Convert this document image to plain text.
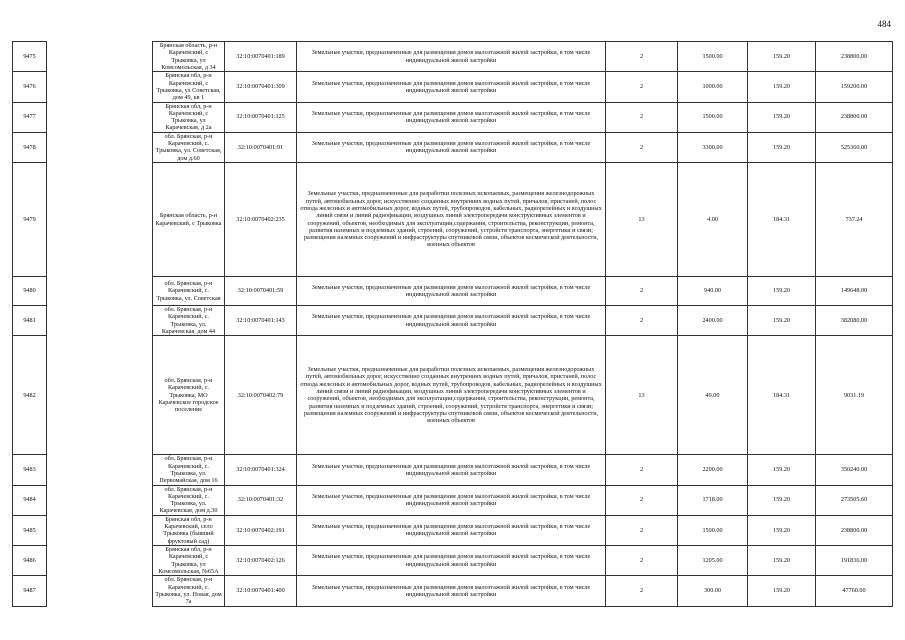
484
9475		Брянская область, р-н Карачевский, с Трыковка, ул Комсомольская, д 34	32:10:0070401:189	Земельные участки, предназначенные для размещения домов малоэтажной жилой застройки, в том числе индивидуальной жилой застройки	2	1500.00	159.20	238800.00
9476		Брянская обл, р-н Карачевский, с Трыковка, ул Советская, дом 49, кв 1	32:10:0070401:309	Земельные участки, предназначенные для размещения домов малоэтажной жилой застройки, в том числе индивидуальной жилой застройки	2	1000.00	159.20	159200.00
9477		Брянская обл, р-н Карачевский, с Трыковка, ул Карачевская, д 2а	32:10:0070401:125	Земельные участки, предназначенные для размещения домов малоэтажной жилой застройки, в том числе индивидуальной жилой застройки	2	1500.00	159.20	238800.00
9478		обл. Брянская, р-н Карачевский, с. Трыковка, ул. Советская, дом д.60	32:10:0070401:91	Земельные участки, предназначенные для размещения домов малоэтажной жилой застройки, в том числе индивидуальной жилой застройки	2	3300.00	159.20	525360.00
9479		Брянская область, р-н Карачевский, с Трыковка	32:10:0070402:235	Земельные участки, предназначенные для разработки полезных ископаемых, размещения железнодорожных путей, автомобильных дорог, искусственно созданных внутренних водных путей, причалов, пристаней, полос отвода железных и автомобильных дорог, водных путей, трубопроводов, кабельных, радиорелейных и воздушных линий связи и линий радиофикации, воздушных линий электропередачи конструктивных элементов и сооружений, объектов, необходимых для эксплуатации,содержания, строительства, реконструкции, ремонта, развития наземных и подземных зданий, строений, сооружений, устройств транспорта, энергетики и связи; размещения наземных сооружений и инфраструктуры спутниковой связи, объектов космической деятельности, военных объектов	13	4.00	184.31	737.24
9480		обл. Брянская, р-н Карачевский, с. Трыковка, ул. Советская	32:10:0070401:59	Земельные участки, предназначенные для размещения домов малоэтажной жилой застройки, в том числе индивидуальной жилой застройки	2	940.00	159.20	149648.00
9481		обл. Брянская, р-н Карачевский, с. Трыковка, ул. Карачевская, дом 44	32:10:0070401:143	Земельные участки, предназначенные для размещения домов малоэтажной жилой застройки, в том числе индивидуальной жилой застройки	2	2400.00	159.20	382080.00
9482		обл. Брянская, р-н Карачевский, с. Трыковка, МО Карачевское городское поселение	32:10:0070402:79	Земельные участки, предназначенные для разработки полезных ископаемых, размещения железнодорожных путей, автомобильных дорог, искусственно созданных внутренних водных путей, причалов, пристаней, полос отвода железных и автомобильных дорог, водных путей, трубопроводов, кабельных, радиорелейных и воздушных линий связи и линий радиофикации, воздушных линий электропередачи конструктивных элементов и сооружений, объектов, необходимых для эксплуатации,содержания, строительства, реконструкции, ремонта, развития наземных и подземных зданий, строений, сооружений, устройств транспорта, энергетики и связи; размещения наземных сооружений и инфраструктуры спутниковой связи, объектов космической деятельности, военных объектов	13	49.00	184.31	9031.19
9483		обл. Брянская, р-н Карачевский, с. Трыковка, ул. Первомайская, дом 16	32:10:0070401:324	Земельные участки, предназначенные для размещения домов малоэтажной жилой застройки, в том числе индивидуальной жилой застройки	2	2200.00	159.20	350240.00
9484		обл. Брянская, р-н Карачевский, с. Трыковка, ул. Карачевская, дом д.30	32:10:0070401:32	Земельные участки, предназначенные для размещения домов малоэтажной жилой застройки, в том числе индивидуальной жилой застройки	2	1718.00	159.20	273505.60
9485		Брянская обл, р-н Карачевский, село Трыковка (бывший фруктовый сад)	32:10:0070402:191	Земельные участки, предназначенные для размещения домов малоэтажной жилой застройки, в том числе индивидуальной жилой застройки	2	1500.00	159.20	238800.00
9486		Брянская обл, р-н Карачевский, с Трыковка, ул Комсомольская, №65А	32:10:0070402:126	Земельные участки, предназначенные для размещения домов малоэтажной жилой застройки, в том числе индивидуальной жилой застройки	2	1205.00	159.20	191836.00
9487		обл. Брянская, р-н Карачевский, с. Трыковка, ул. Новая, дом 7а	32:10:0070401:400	Земельные участки, предназначенные для размещения домов малоэтажной жилой застройки, в том числе индивидуальной жилой застройки	2	300.00	159.20	47760.00
